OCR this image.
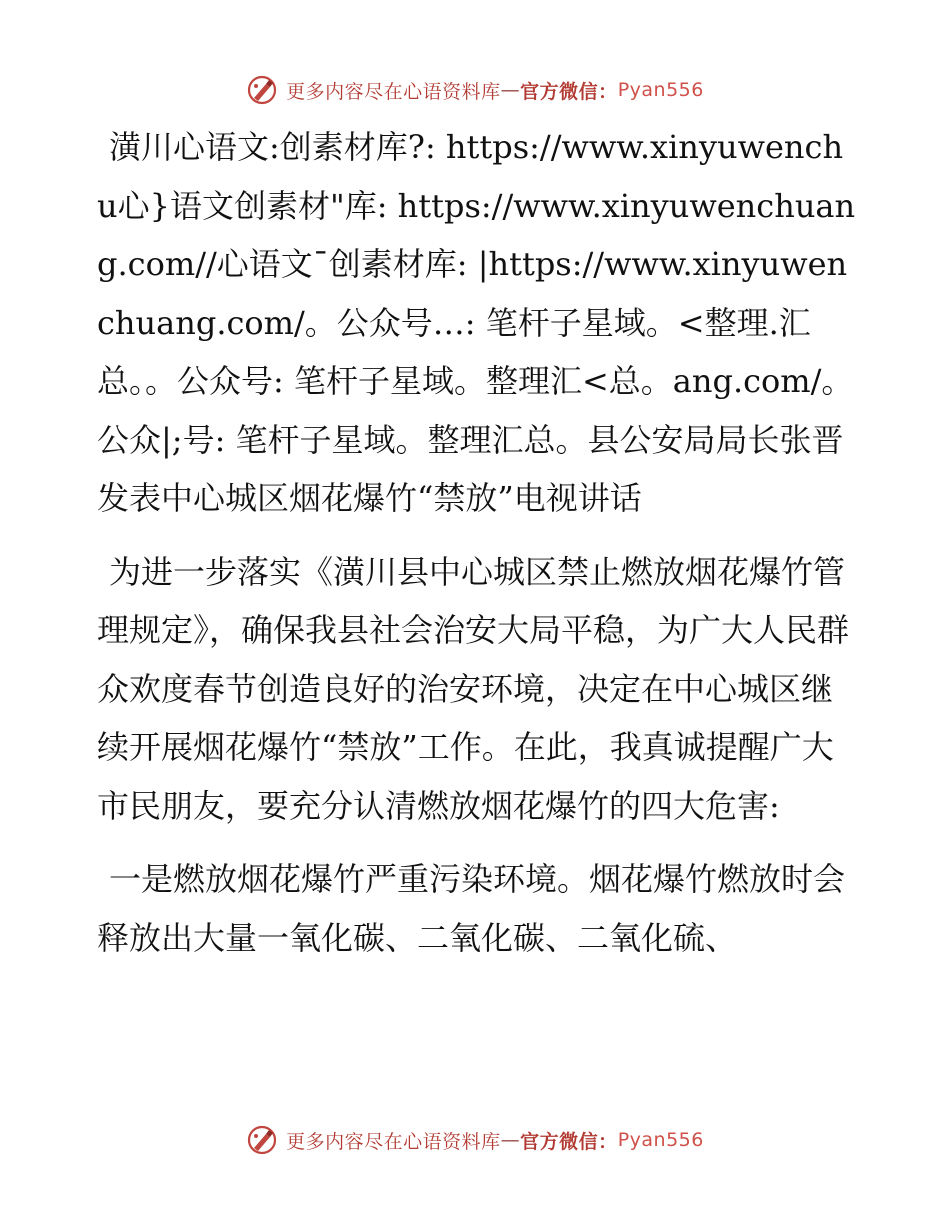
更多内容尽在心语资料库 — 官方微信： Pyan556

潢川心语文:创素材库?: https://www.xinyuwenchu心}语文创素材"库: https://www.xinyuwenchuang.com//心语文¯创素材库: |https://www.xinyuwenchuang.com/。公众号…: 笔杆子星域。<整理.汇总。。公众号: 笔杆子星域。整理汇<总。ang.com/。公众|;号: 笔杆子星域。整理汇总。县公安局局长张晋发表中心城区烟花爆竹“禁放”电视讲话

为进一步落实《潢川县中心城区禁止燃放烟花爆竹管理规定》，确保我县社会治安大局平稳，为广大人民群众欢度春节创造良好的治安环境，决定在中心城区继续开展烟花爆竹“禁放”工作。在此，我真诚提醒广大市民朋友，要充分认清燃放烟花爆竹的四大危害:

一是燃放烟花爆竹严重污染环境。烟花爆竹燃放时会释放出大量一氧化碳、二氧化碳、二氧化硫、

更多内容尽在心语资料库 — 官方微信： Pyan556
